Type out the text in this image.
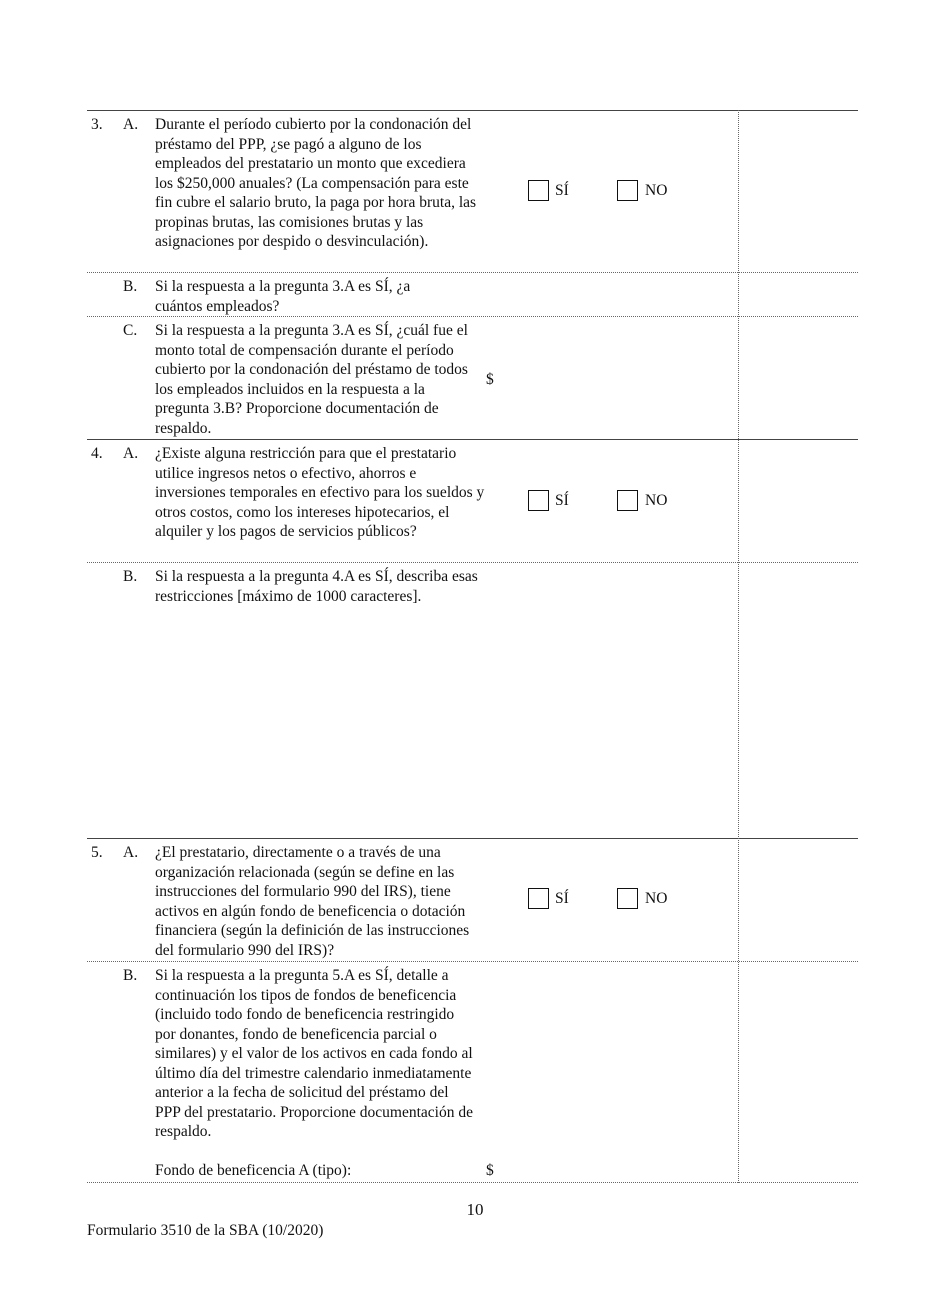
3. A. Durante el período cubierto por la condonación del préstamo del PPP, ¿se pagó a alguno de los empleados del prestatario un monto que excediera los $250,000 anuales? (La compensación para este fin cubre el salario bruto, la paga por hora bruta, las propinas brutas, las comisiones brutas y las asignaciones por despido o desvinculación).
SÍ	NO
B. Si la respuesta a la pregunta 3.A es SÍ, ¿a cuántos empleados?
C. Si la respuesta a la pregunta 3.A es SÍ, ¿cuál fue el monto total de compensación durante el período cubierto por la condonación del préstamo de todos los empleados incluidos en la respuesta a la pregunta 3.B? Proporcione documentación de respaldo.
$
4. A. ¿Existe alguna restricción para que el prestatario utilice ingresos netos o efectivo, ahorros e inversiones temporales en efectivo para los sueldos y otros costos, como los intereses hipotecarios, el alquiler y los pagos de servicios públicos?
SÍ	NO
B. Si la respuesta a la pregunta 4.A es SÍ, describa esas restricciones [máximo de 1000 caracteres].
5. A. ¿El prestatario, directamente o a través de una organización relacionada (según se define en las instrucciones del formulario 990 del IRS), tiene activos en algún fondo de beneficencia o dotación financiera (según la definición de las instrucciones del formulario 990 del IRS)?
SÍ	NO
B. Si la respuesta a la pregunta 5.A es SÍ, detalle a continuación los tipos de fondos de beneficencia (incluido todo fondo de beneficencia restringido por donantes, fondo de beneficencia parcial o similares) y el valor de los activos en cada fondo al último día del trimestre calendario inmediatamente anterior a la fecha de solicitud del préstamo del PPP del prestatario. Proporcione documentación de respaldo.
Fondo de beneficencia A (tipo):	$
10
Formulario 3510 de la SBA (10/2020)
